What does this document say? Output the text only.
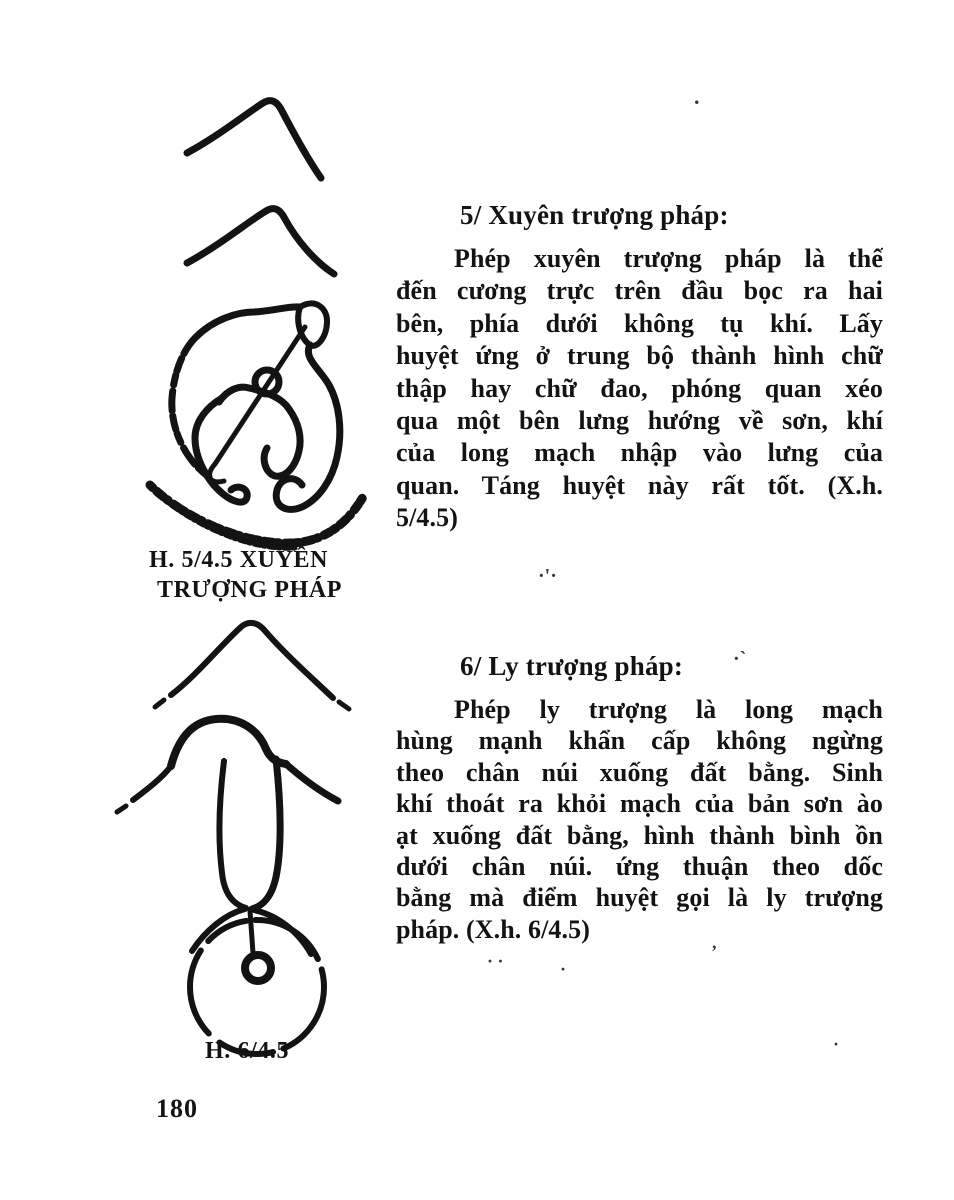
H. 5/4.5 XUYÊN
TRƯỢNG PHÁP
5/ Xuyên trượng pháp:
Phép xuyên trượng pháp là thế
đến cương trực trên đầu bọc ra hai
bên, phía dưới không tụ khí. Lấy
huyệt ứng ở trung bộ thành hình chữ
thập hay chữ đao, phóng quan xéo
qua một bên lưng hướng về sơn, khí
của long mạch nhập vào lưng của
quan. Táng huyệt này rất tốt. (X.h.
5/4.5)
H. 6/4.5
6/ Ly trượng pháp:
Phép ly trượng là long mạch
hùng mạnh khẩn cấp không ngừng
theo chân núi xuống đất bằng. Sinh
khí thoát ra khỏi mạch của bản sơn ào
ạt xuống đất bằng, hình thành bình ồn
dưới chân núi. ứng thuận theo dốc
bằng mà điểm huyệt gọi là ly trượng
pháp. (X.h. 6/4.5)
180
.
·'·
·`
,
· ·	·
·
